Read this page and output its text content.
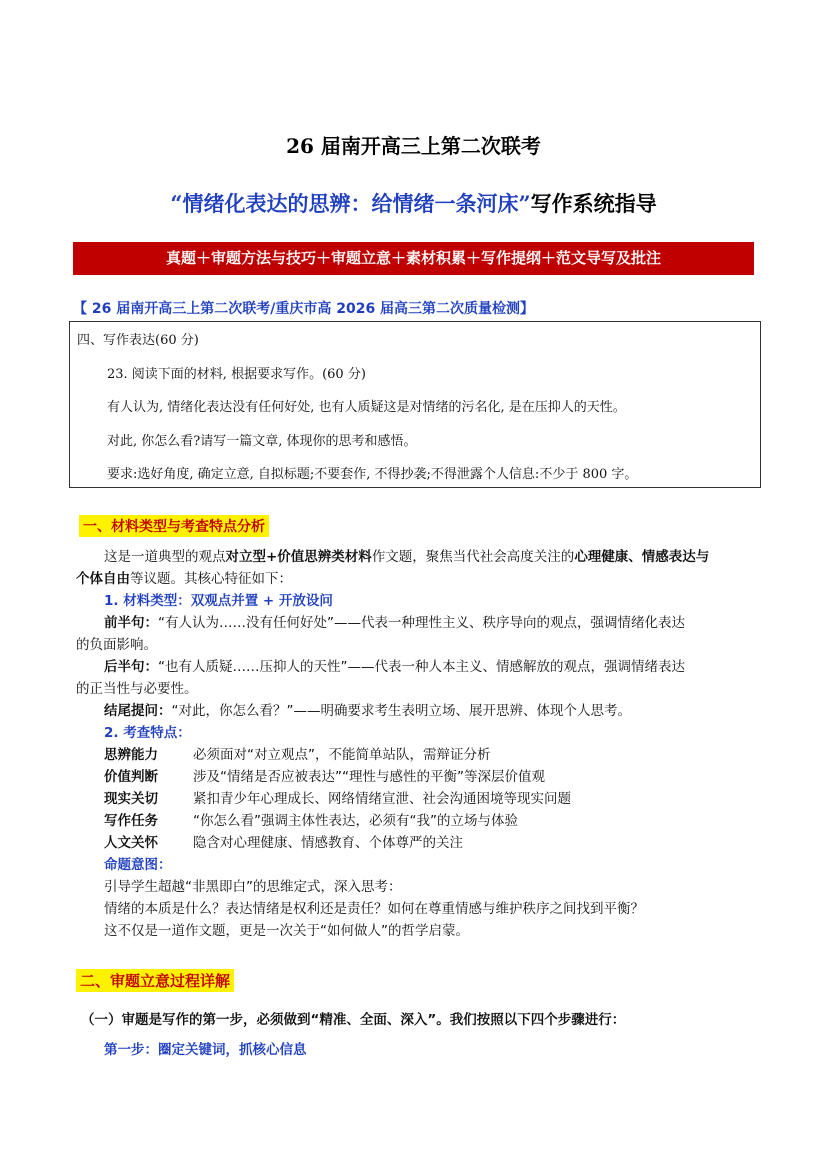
26 届南开高三上第二次联考
“情绪化表达的思辨：给情绪一条河床”写作系统指导
真题＋审题方法与技巧＋审题立意＋素材积累＋写作提纲＋范文导写及批注
【 26 届南开高三上第二次联考/重庆市高 2026 届高三第二次质量检测】
四、写作表达(60 分)
23. 阅读下面的材料, 根据要求写作。(60 分)
有人认为, 情绪化表达没有任何好处, 也有人质疑这是对情绪的污名化, 是在压抑人的天性。
对此, 你怎么看?请写一篇文章, 体现你的思考和感悟。
要求:选好角度, 确定立意, 自拟标题;不要套作, 不得抄袭;不得泄露个人信息:不少于 800 字。
一、材料类型与考查特点分析
这是一道典型的观点对立型+价值思辨类材料作文题，聚焦当代社会高度关注的心理健康、情感表达与
个体自由等议题。其核心特征如下：
1. 材料类型：双观点并置 + 开放设问
前半句：“有人认为……没有任何好处”——代表一种理性主义、秩序导向的观点，强调情绪化表达
的负面影响。
后半句：“也有人质疑……压抑人的天性”——代表一种人本主义、情感解放的观点，强调情绪表达
的正当性与必要性。
结尾提问：“对此，你怎么看？”——明确要求考生表明立场、展开思辨、体现个人思考。
2. 考查特点：
思辨能力	必须面对“对立观点”，不能简单站队，需辩证分析
价值判断	涉及“情绪是否应被表达”“理性与感性的平衡”等深层价值观
现实关切	紧扣青少年心理成长、网络情绪宣泄、社会沟通困境等现实问题
写作任务	“你怎么看”强调主体性表达，必须有“我”的立场与体验
人文关怀	隐含对心理健康、情感教育、个体尊严的关注
命题意图：
引导学生超越“非黑即白”的思维定式，深入思考：
情绪的本质是什么？表达情绪是权利还是责任？如何在尊重情感与维护秩序之间找到平衡？
这不仅是一道作文题，更是一次关于“如何做人”的哲学启蒙。
二、审题立意过程详解
（一）审题是写作的第一步，必须做到“精准、全面、深入”。我们按照以下四个步骤进行：
第一步：圈定关键词，抓核心信息
